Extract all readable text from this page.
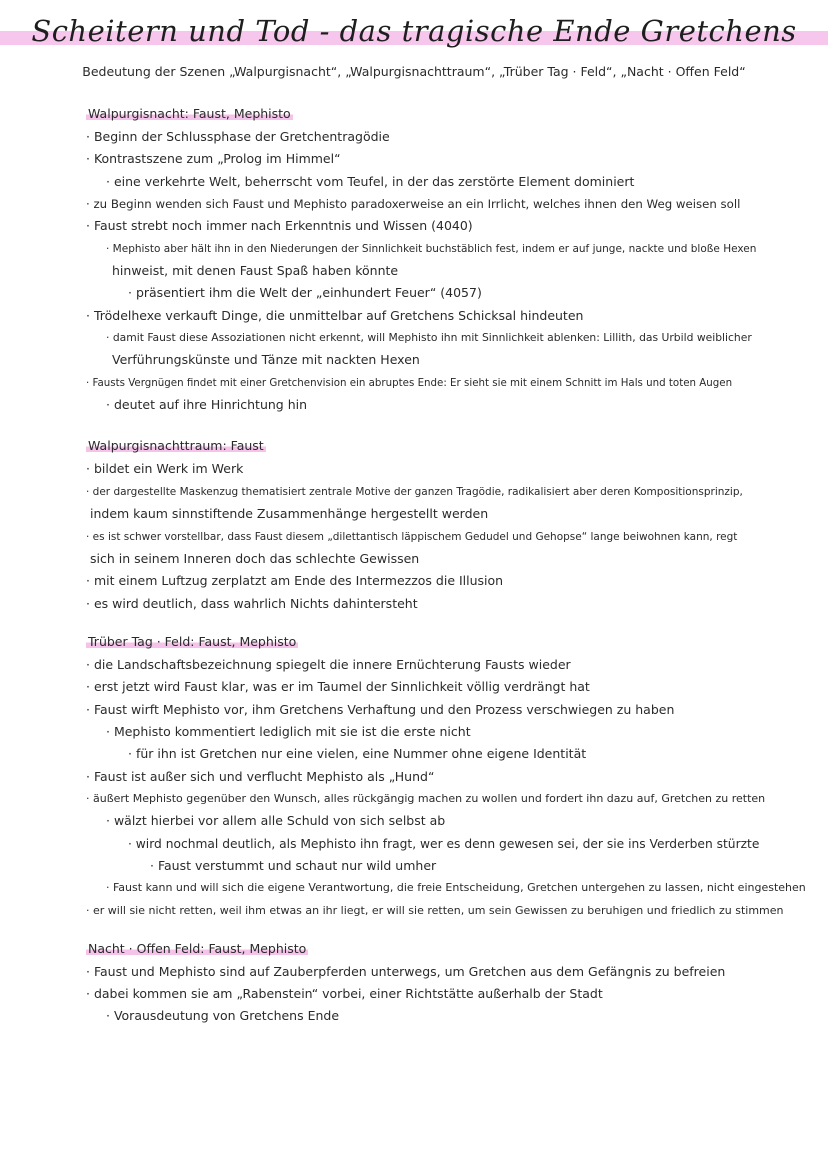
Scheitern und Tod - das tragische Ende Gretchens
Bedeutung der Szenen „Walpurgisnacht“, „Walpurgisnachttraum“, „Trüber Tag · Feld“, „Nacht · Offen Feld“
Walpurgisnacht: Faust, Mephisto
· Beginn der Schlussphase der Gretchentragödie
· Kontrastszene zum „Prolog im Himmel“
· eine verkehrte Welt, beherrscht vom Teufel, in der das zerstörte Element dominiert
· zu Beginn wenden sich Faust und Mephisto paradoxerweise an ein Irrlicht, welches ihnen den Weg weisen soll
· Faust strebt noch immer nach Erkenntnis und Wissen (4040)
· Mephisto aber hält ihn in den Niederungen der Sinnlichkeit buchstäblich fest, indem er auf junge, nackte und bloße Hexen
hinweist, mit denen Faust Spaß haben könnte
· präsentiert ihm die Welt der „einhundert Feuer“ (4057)
· Trödelhexe verkauft Dinge, die unmittelbar auf Gretchens Schicksal hindeuten
· damit Faust diese Assoziationen nicht erkennt, will Mephisto ihn mit Sinnlichkeit ablenken: Lillith, das Urbild weiblicher
Verführungskünste und Tänze mit nackten Hexen
· Fausts Vergnügen findet mit einer Gretchenvision ein abruptes Ende: Er sieht sie mit einem Schnitt im Hals und toten Augen
· deutet auf ihre Hinrichtung hin
Walpurgisnachttraum: Faust
· bildet ein Werk im Werk
· der dargestellte Maskenzug thematisiert zentrale Motive der ganzen Tragödie, radikalisiert aber deren Kompositionsprinzip,
indem kaum sinnstiftende Zusammenhänge hergestellt werden
· es ist schwer vorstellbar, dass Faust diesem „dilettantisch läppischem Gedudel und Gehopse“ lange beiwohnen kann, regt
sich in seinem Inneren doch das schlechte Gewissen
· mit einem Luftzug zerplatzt am Ende des Intermezzos die Illusion
· es wird deutlich, dass wahrlich Nichts dahintersteht
Trüber Tag · Feld: Faust, Mephisto
· die Landschaftsbezeichnung spiegelt die innere Ernüchterung Fausts wieder
· erst jetzt wird Faust klar, was er im Taumel der Sinnlichkeit völlig verdrängt hat
· Faust wirft Mephisto vor, ihm Gretchens Verhaftung und den Prozess verschwiegen zu haben
· Mephisto kommentiert lediglich mit sie ist die erste nicht
· für ihn ist Gretchen nur eine vielen, eine Nummer ohne eigene Identität
· Faust ist außer sich und verflucht Mephisto als „Hund“
· äußert Mephisto gegenüber den Wunsch, alles rückgängig machen zu wollen und fordert ihn dazu auf, Gretchen zu retten
· wälzt hierbei vor allem alle Schuld von sich selbst ab
· wird nochmal deutlich, als Mephisto ihn fragt, wer es denn gewesen sei, der sie ins Verderben stürzte
· Faust verstummt und schaut nur wild umher
· Faust kann und will sich die eigene Verantwortung, die freie Entscheidung, Gretchen untergehen zu lassen, nicht eingestehen
· er will sie nicht retten, weil ihm etwas an ihr liegt, er will sie retten, um sein Gewissen zu beruhigen und friedlich zu stimmen
Nacht · Offen Feld: Faust, Mephisto
· Faust und Mephisto sind auf Zauberpferden unterwegs, um Gretchen aus dem Gefängnis zu befreien
· dabei kommen sie am „Rabenstein“ vorbei, einer Richtstätte außerhalb der Stadt
· Vorausdeutung von Gretchens Ende
